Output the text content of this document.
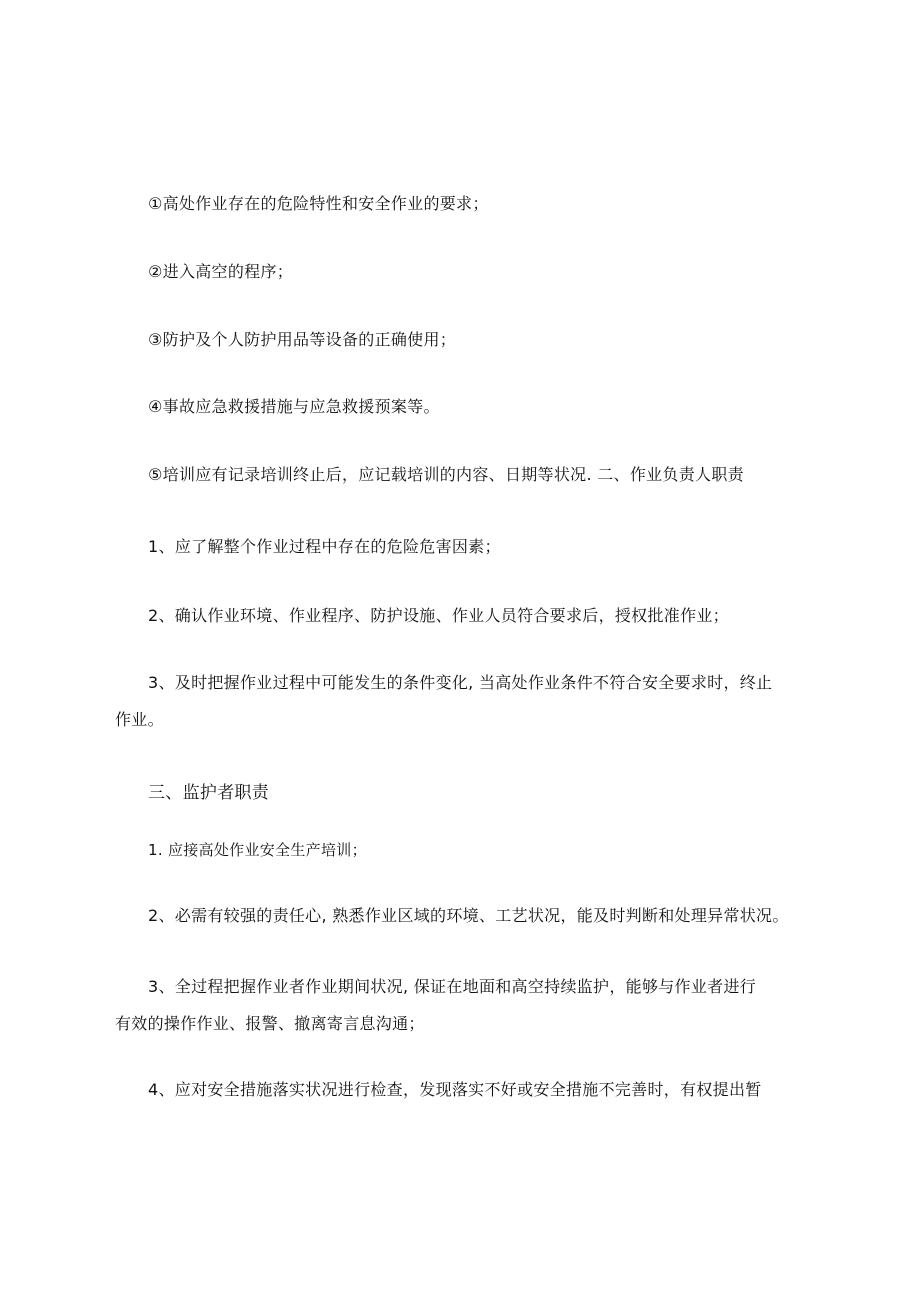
①高处作业存在的危险特性和安全作业的要求；
②进入高空的程序；
③防护及个人防护用品等设备的正确使用；
④事故应急救援措施与应急救援预案等。
⑤培训应有记录培训终止后，应记载培训的内容、日期等状况. 二、作业负责人职责
1、应了解整个作业过程中存在的危险危害因素；
2、确认作业环境、作业程序、防护设施、作业人员符合要求后，授权批准作业；
3、及时把握作业过程中可能发生的条件变化, 当高处作业条件不符合安全要求时，终止
作业。
三、监护者职责
1. 应接高处作业安全生产培训；
2、必需有较强的责任心, 熟悉作业区域的环境、工艺状况，能及时判断和处理异常状况。
3、全过程把握作业者作业期间状况, 保证在地面和高空持续监护，能够与作业者进行
有效的操作作业、报警、撤离寄言息沟通；
4、应对安全措施落实状况进行检查，发现落实不好或安全措施不完善时，有权提出暂
